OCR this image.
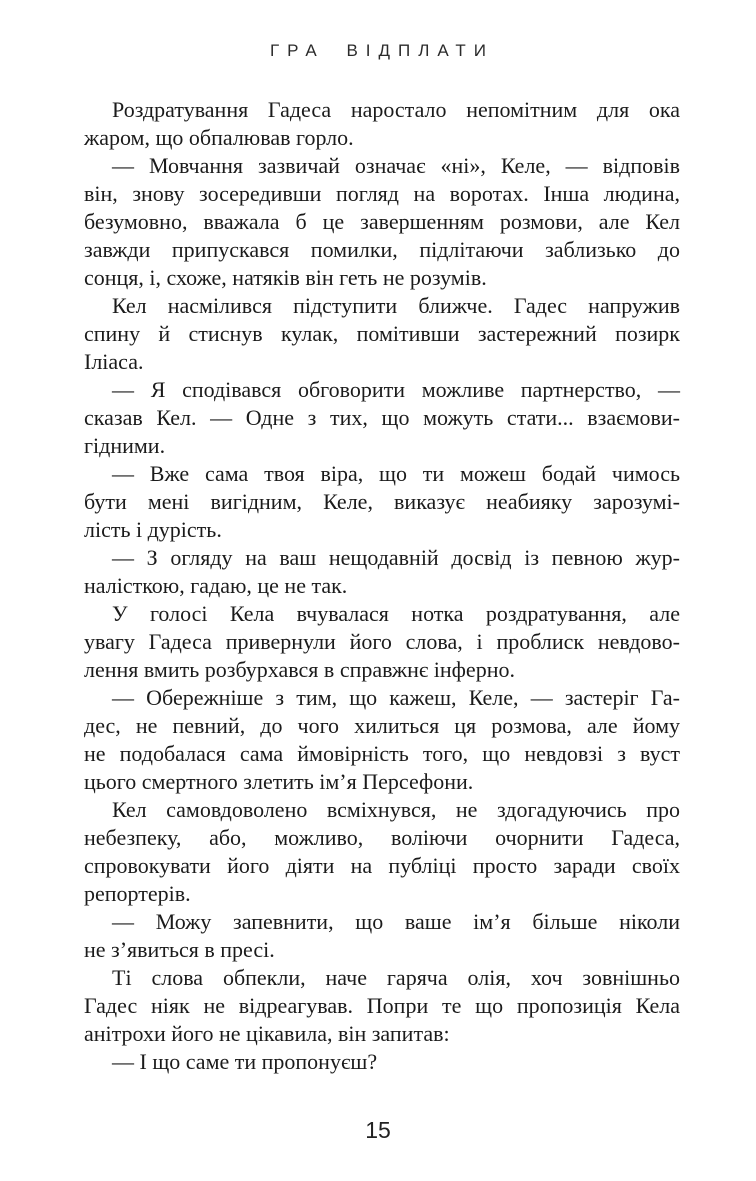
ГРА ВІДПЛАТИ
Роздратування Гадеса наростало непомітним для ока
жаром, що обпалював горло.
— Мовчання зазвичай означає «ні», Келе, — відповів
він, знову зосередивши погляд на воротах. Інша людина,
безумовно, вважала б це завершенням розмови, але Кел
завжди припускався помилки, підлітаючи заблизько до
сонця, і, схоже, натяків він геть не розумів.
Кел насмілився підступити ближче. Гадес напружив
спину й стиснув кулак, помітивши застережний позирк
Іліаса.
— Я сподівався обговорити можливе партнерство, —
сказав Кел. — Одне з тих, що можуть стати... взаємови-
гідними.
— Вже сама твоя віра, що ти можеш бодай чимось
бути мені вигідним, Келе, виказує неабияку зарозумі-
лість і дурість.
— З огляду на ваш нещодавній досвід із певною жур-
налісткою, гадаю, це не так.
У голосі Кела вчувалася нотка роздратування, але
увагу Гадеса привернули його слова, і проблиск невдово-
лення вмить розбурхався в справжнє інферно.
— Обережніше з тим, що кажеш, Келе, — застеріг Га-
дес, не певний, до чого хилиться ця розмова, але йому
не подобалася сама ймовірність того, що невдовзі з вуст
цього смертного злетить ім’я Персефони.
Кел самовдоволено всміхнувся, не здогадуючись про
небезпеку, або, можливо, воліючи очорнити Гадеса,
спровокувати його діяти на публіці просто заради своїх
репортерів.
— Можу запевнити, що ваше ім’я більше ніколи
не з’явиться в пресі.
Ті слова обпекли, наче гаряча олія, хоч зовнішньо
Гадес ніяк не відреагував. Попри те що пропозиція Кела
анітрохи його не цікавила, він запитав:
— І що саме ти пропонуєш?
15
